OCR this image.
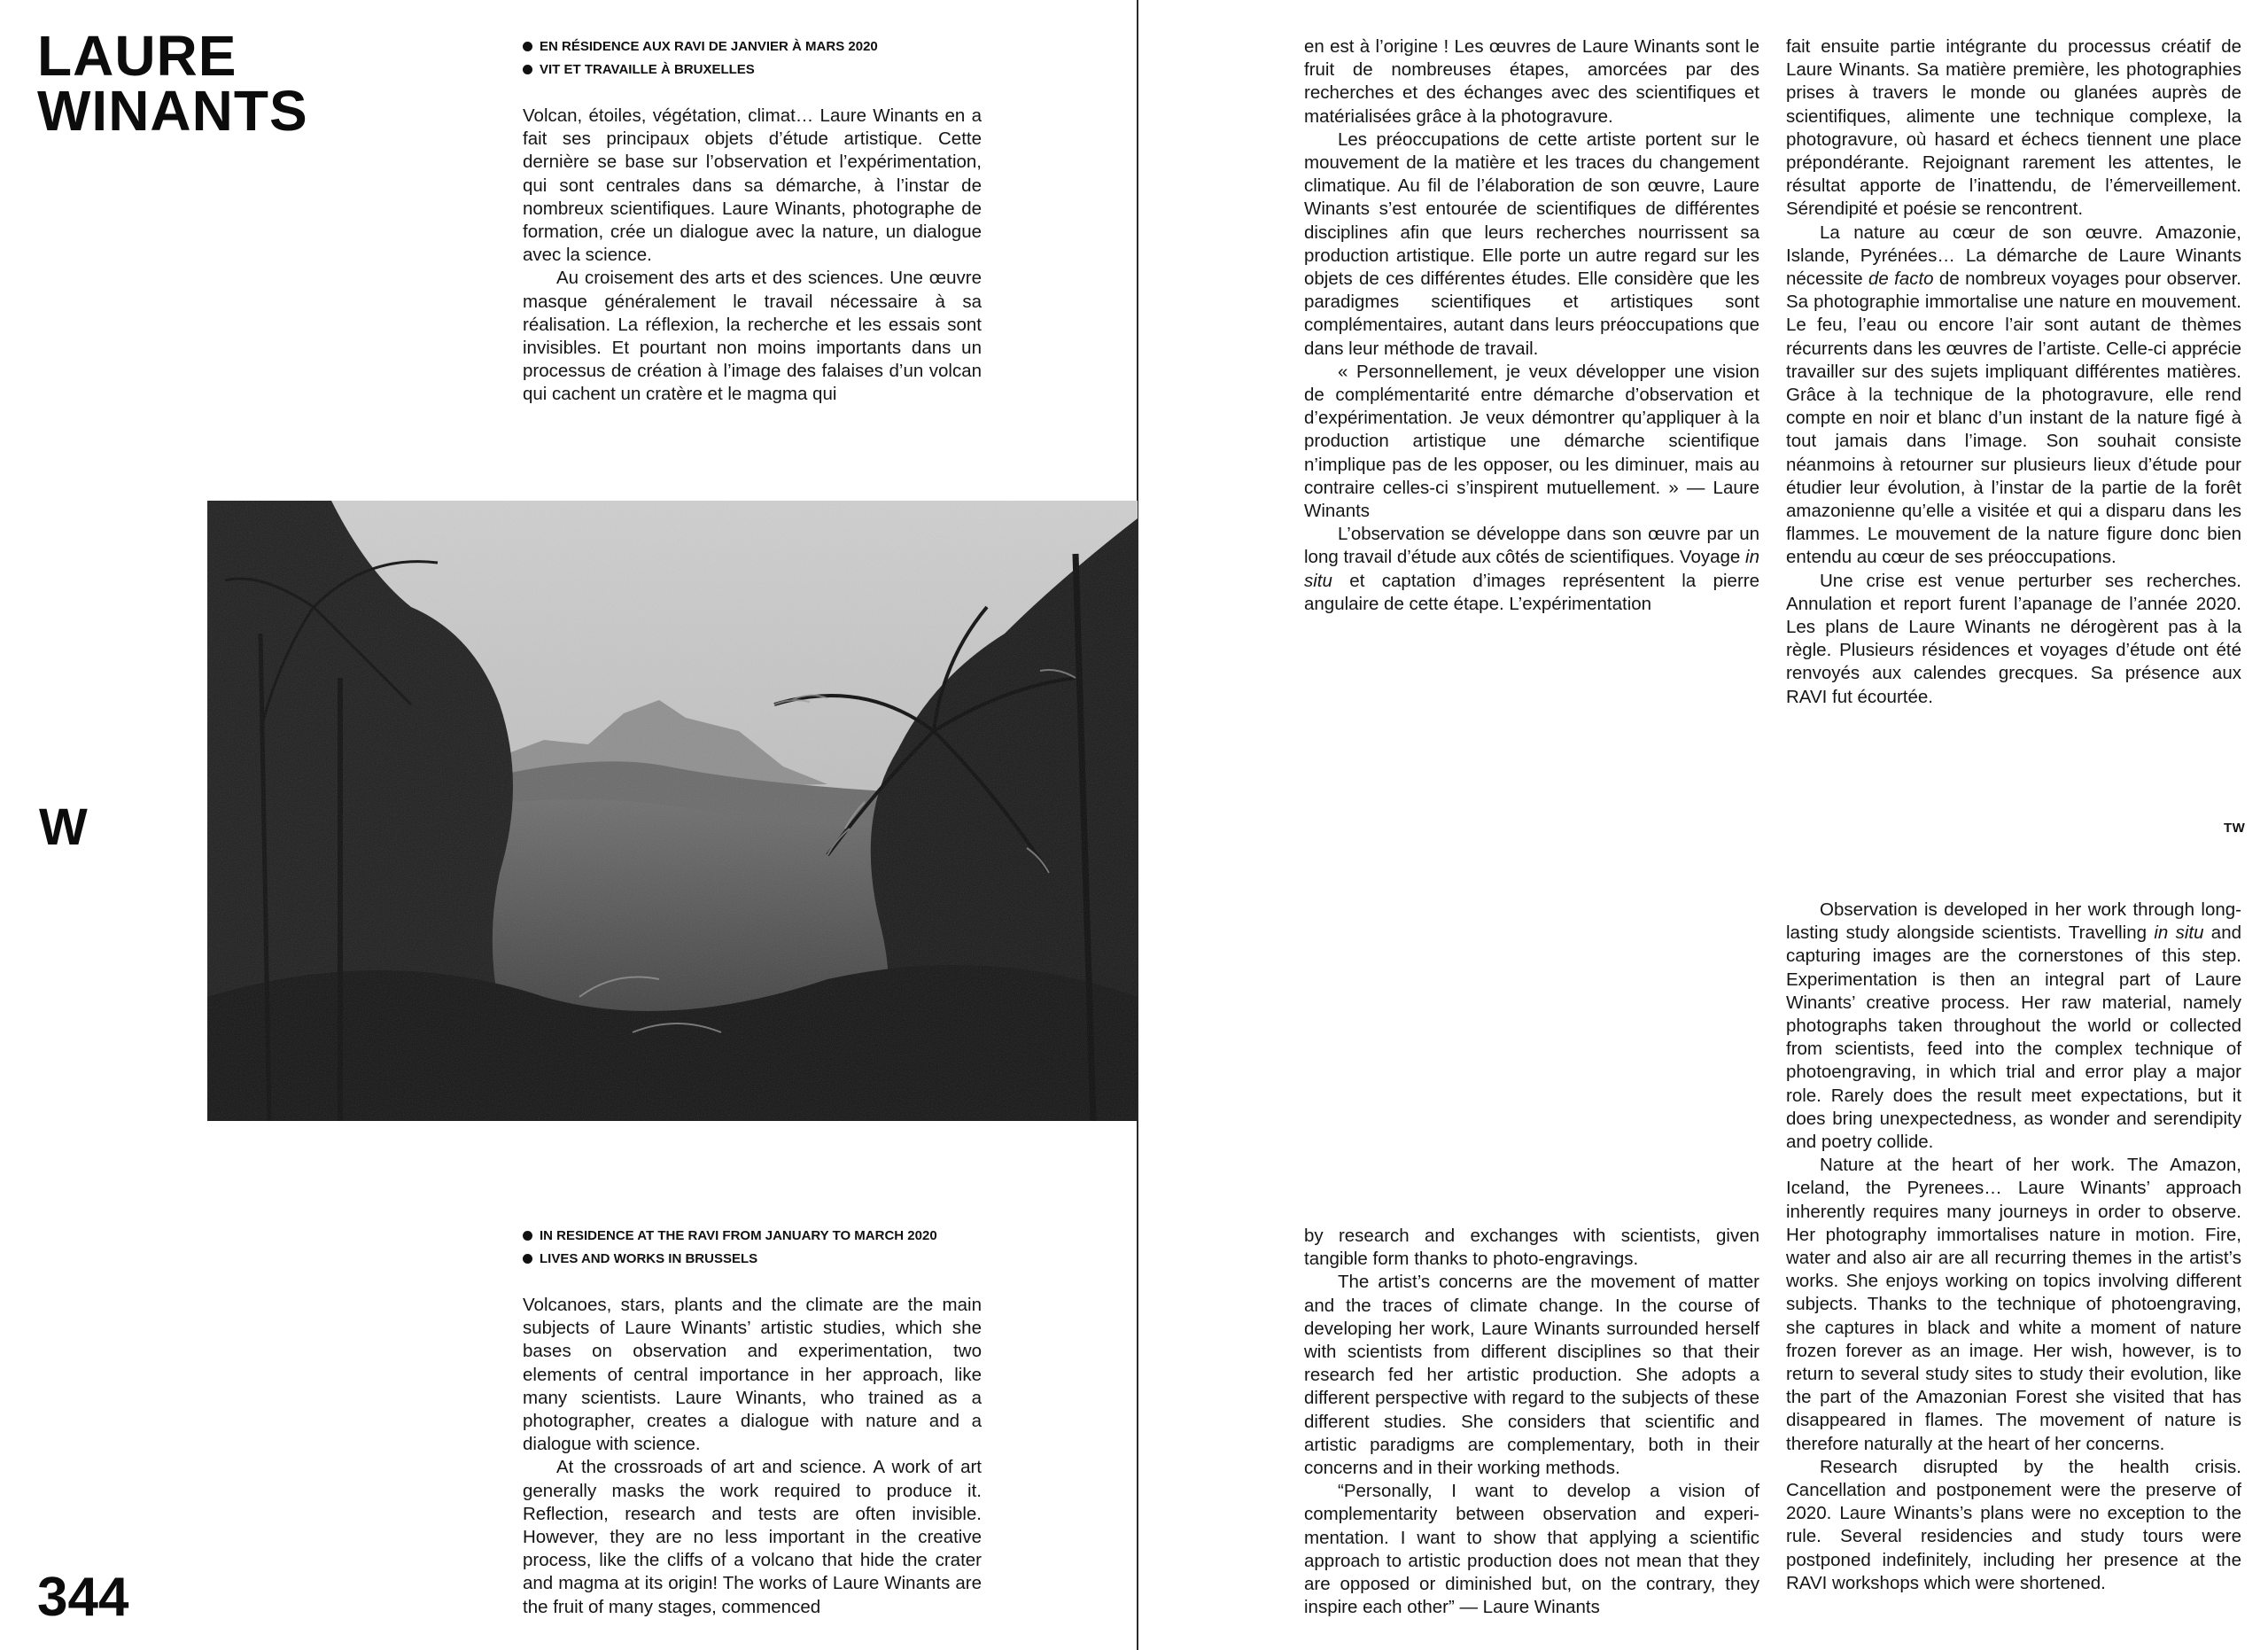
LAURE
WINANTS
W
344
TW
EN RÉSIDENCE AUX RAVI DE JANVIER À MARS 2020
VIT ET TRAVAILLE À BRUXELLES

Volcan, étoiles, végétation, climat… Laure Winants en a fait ses principaux objets d’étude artistique. Cette dernière se base sur l’observation et l’expérimentation, qui sont centrales dans sa démarche, à l’instar de nombreux scientifiques. Laure Winants, photographe de formation, crée un dialogue avec la nature, un dialogue avec la science.

Au croisement des arts et des sciences. Une œuvre masque généralement le travail nécessaire à sa réalisation. La réflexion, la recherche et les essais sont invisibles. Et pourtant non moins importants dans un processus de création à l’image des falaises d’un volcan qui cachent un cratère et le magma qui

en est à l’origine ! Les œuvres de Laure Winants sont le fruit de nombreuses étapes, amorcées par des recherches et des échanges avec des scientifiques et matérialisées grâce à la photogravure.

Les préoccupations de cette artiste portent sur le mouvement de la matière et les traces du changement climatique. Au fil de l’élaboration de son œuvre, Laure Winants s’est entourée de scientifiques de différentes disciplines afin que leurs recherches nourrissent sa production artistique. Elle porte un autre regard sur les objets de ces différentes études. Elle considère que les paradigmes scientifiques et artistiques sont complémentaires, autant dans leurs préoccupations que dans leur méthode de travail.

« Personnellement, je veux développer une vision de complémentarité entre démarche d’observation et d’expérimentation. Je veux démontrer qu’appliquer à la production artistique une démarche scientifique n’implique pas de les opposer, ou les diminuer, mais au contraire celles-ci s’inspirent mutuellement. » — Laure Winants

L’observation se développe dans son œuvre par un long travail d’étude aux côtés de scientifiques. Voyage in situ et captation d’images représentent la pierre angulaire de cette étape. L’expérimentation

fait ensuite partie intégrante du processus créatif de Laure Winants. Sa matière première, les photographies prises à travers le monde ou glanées auprès de scientifiques, alimente une technique complexe, la photogravure, où hasard et échecs tiennent une place prépondérante. Rejoignant rarement les attentes, le résultat apporte de l’inattendu, de l’émerveillement. Sérendipité et poésie se rencontrent.

La nature au cœur de son œuvre. Amazonie, Islande, Pyrénées… La démarche de Laure Winants nécessite de facto de nombreux voyages pour observer. Sa photographie immortalise une nature en mouvement. Le feu, l’eau ou encore l’air sont autant de thèmes récurrents dans les œuvres de l’artiste. Celle-ci apprécie travailler sur des sujets impliquant différentes matières. Grâce à la technique de la photogravure, elle rend compte en noir et blanc d’un instant de la nature figé à tout jamais dans l’image. Son souhait consiste néanmoins à retourner sur plusieurs lieux d’étude pour étudier leur évolution, à l’instar de la partie de la forêt amazonienne qu’elle a visitée et qui a disparu dans les flammes. Le mouvement de la nature figure donc bien entendu au cœur de ses préoccupations.

Une crise est venue perturber ses recherches. Annulation et report furent l’apanage de l’année 2020. Les plans de Laure Winants ne dérogèrent pas à la règle. Plusieurs résidences et voyages d’étude ont été renvoyés aux calendes grecques. Sa présence aux RAVI fut écourtée.

IN RESIDENCE AT THE RAVI FROM JANUARY TO MARCH 2020
LIVES AND WORKS IN BRUSSELS

Volcanoes, stars, plants and the climate are the main subjects of Laure Winants’ artistic studies, which she bases on observation and experimentation, two elements of central importance in her approach, like many scientists. Laure Winants, who trained as a photographer, creates a dialogue with nature and a dialogue with science.

At the crossroads of art and science. A work of art generally masks the work required to produce it. Reflection, research and tests are often invisible. However, they are no less important in the creative process, like the cliffs of a volcano that hide the crater and magma at its origin! The works of Laure Winants are the fruit of many stages, commenced

by research and exchanges with scientists, given tangible form thanks to photo-engravings.

The artist’s concerns are the movement of matter and the traces of climate change. In the course of developing her work, Laure Winants surrounded herself with scientists from different disciplines so that their research fed her artistic production. She adopts a different perspective with regard to the subjects of these different studies. She considers that scientific and artistic paradigms are complementary, both in their concerns and in their working methods.

“Personally, I want to develop a vision of complementarity between observation and experimentation. I want to show that applying a scientific approach to artistic production does not mean that they are opposed or diminished but, on the contrary, they inspire each other” — Laure Winants

Observation is developed in her work through long-lasting study alongside scientists. Travelling in situ and capturing images are the cornerstones of this step. Experimentation is then an integral part of Laure Winants’ creative process. Her raw material, namely photographs taken throughout the world or collected from scientists, feed into the complex technique of photoengraving, in which trial and error play a major role. Rarely does the result meet expectations, but it does bring unexpectedness, as wonder and serendipity and poetry collide.

Nature at the heart of her work. The Amazon, Iceland, the Pyrenees… Laure Winants’ approach inherently requires many journeys in order to observe. Her photography immortalises nature in motion. Fire, water and also air are all recurring themes in the artist’s works. She enjoys working on topics involving different subjects. Thanks to the technique of photoengraving, she captures in black and white a moment of nature frozen forever as an image. Her wish, however, is to return to several study sites to study their evolution, like the part of the Amazonian Forest she visited that has disappeared in flames. The movement of nature is therefore naturally at the heart of her concerns.

Research disrupted by the health crisis. Cancellation and postponement were the preserve of 2020. Laure Winants’s plans were no exception to the rule. Several residencies and study tours were postponed indefinitely, including her presence at the RAVI workshops which were shortened.
